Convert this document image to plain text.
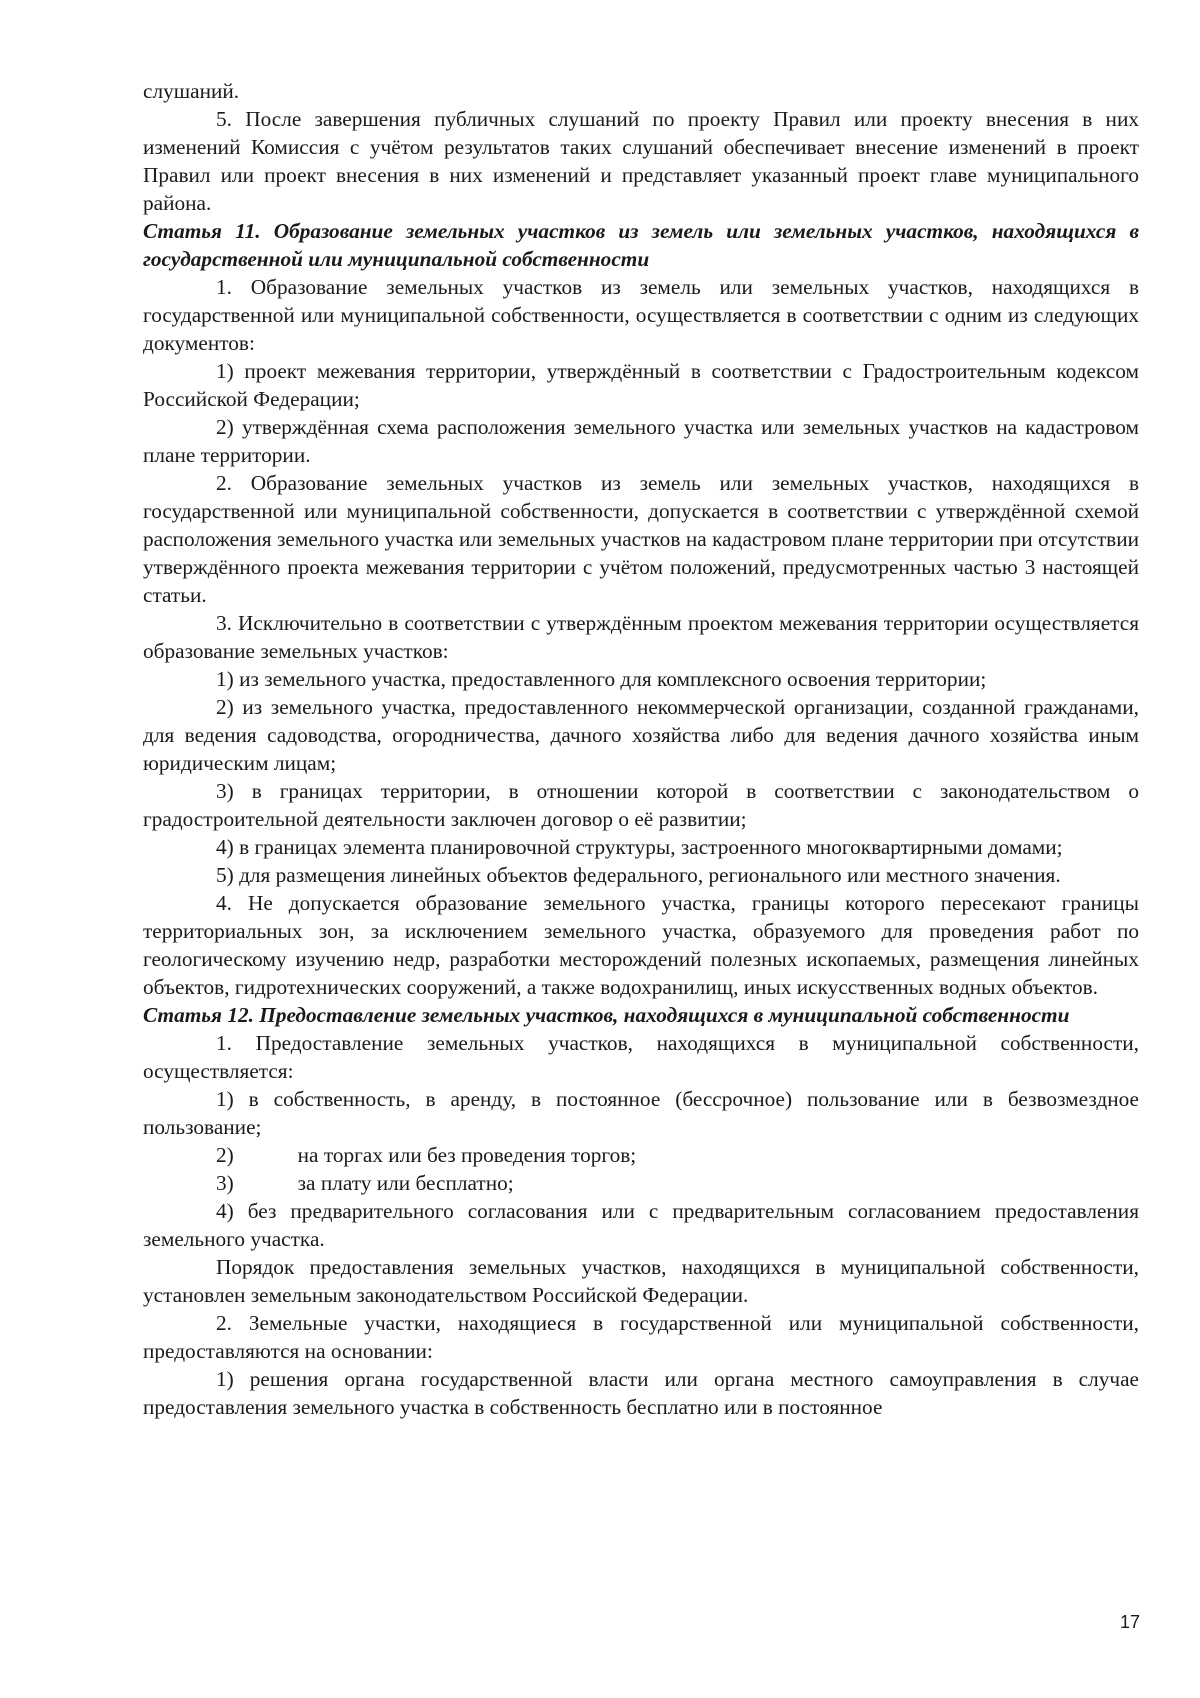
слушаний.

5. После завершения публичных слушаний по проекту Правил или проекту внесения в них изменений Комиссия с учётом результатов таких слушаний обеспечивает внесение изменений в проект Правил или проект внесения в них изменений и представляет указанный проект главе муниципального района.

Статья 11. Образование земельных участков из земель или земельных участков, находящихся в государственной или муниципальной собственности

1. Образование земельных участков из земель или земельных участков, находящихся в государственной или муниципальной собственности, осуществляется в соответствии с одним из следующих документов:

1) проект межевания территории, утверждённый в соответствии с Градостроительным кодексом Российской Федерации;

2) утверждённая схема расположения земельного участка или земельных участков на кадастровом плане территории.

2. Образование земельных участков из земель или земельных участков, находящихся в государственной или муниципальной собственности, допускается в соответствии с утверждённой схемой расположения земельного участка или земельных участков на кадастровом плане территории при отсутствии утверждённого проекта межевания территории с учётом положений, предусмотренных частью 3 настоящей статьи.

3. Исключительно в соответствии с утверждённым проектом межевания территории осуществляется образование земельных участков:

1) из земельного участка, предоставленного для комплексного освоения территории;

2) из земельного участка, предоставленного некоммерческой организации, созданной гражданами, для ведения садоводства, огородничества, дачного хозяйства либо для ведения дачного хозяйства иным юридическим лицам;

3) в границах территории, в отношении которой в соответствии с законодательством о градостроительной деятельности заключен договор о её развитии;

4) в границах элемента планировочной структуры, застроенного многоквартирными домами;

5) для размещения линейных объектов федерального, регионального или местного значения.

4. Не допускается образование земельного участка, границы которого пересекают границы территориальных зон, за исключением земельного участка, образуемого для проведения работ по геологическому изучению недр, разработки месторождений полезных ископаемых, размещения линейных объектов, гидротехнических сооружений, а также водохранилищ, иных искусственных водных объектов.

Статья 12. Предоставление земельных участков, находящихся в муниципальной собственности

1. Предоставление земельных участков, находящихся в муниципальной собственности, осуществляется:

1) в собственность, в аренду, в постоянное (бессрочное) пользование или в безвозмездное пользование;

2)	на торгах или без проведения торгов;

3)	за плату или бесплатно;

4) без предварительного согласования или с предварительным согласованием предоставления земельного участка.

Порядок предоставления земельных участков, находящихся в муниципальной собственности, установлен земельным законодательством Российской Федерации.

2. Земельные участки, находящиеся в государственной или муниципальной собственности, предоставляются на основании:

1) решения органа государственной власти или органа местного самоуправления в случае предоставления земельного участка в собственность бесплатно или в постоянное

17
